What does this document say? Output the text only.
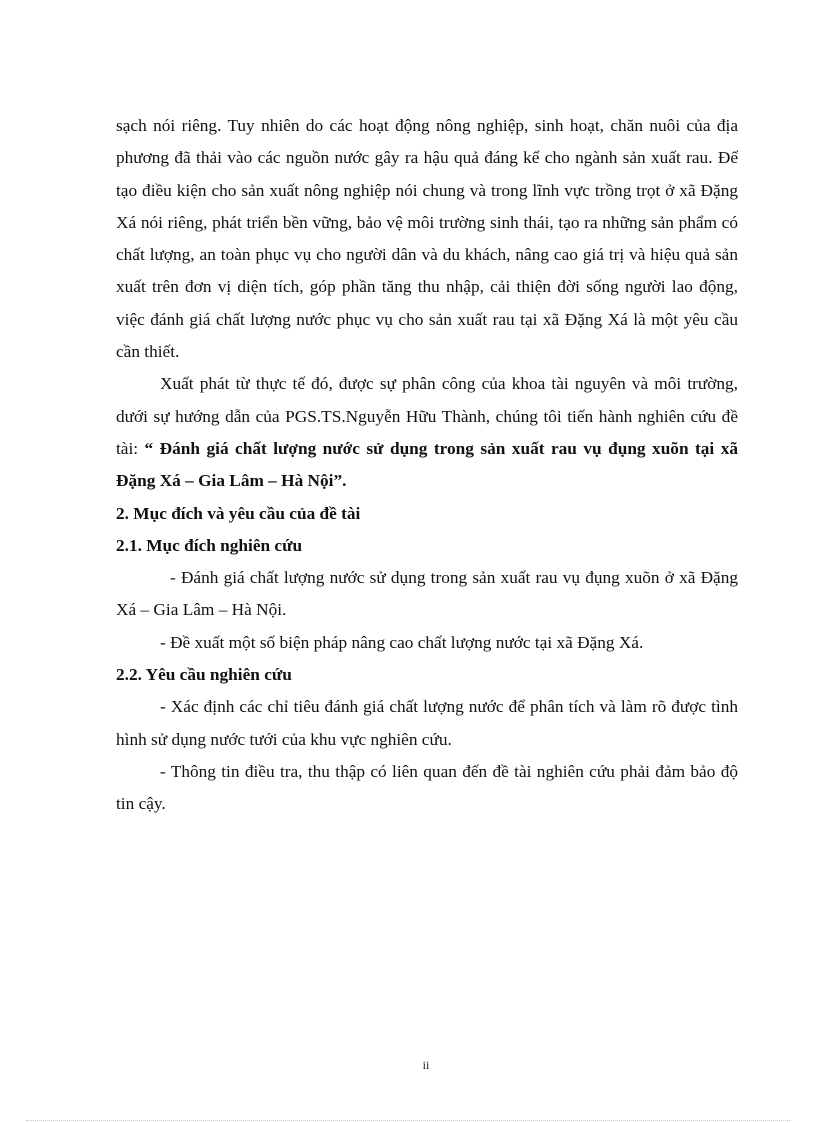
sạch nói riêng. Tuy nhiên do các hoạt động nông nghiệp, sinh hoạt, chăn nuôi của địa phương đã thải vào các nguồn nước gây ra hậu quả đáng kể cho ngành sản xuất rau. Để tạo điều kiện cho sản xuất nông nghiệp nói chung và trong lĩnh vực trồng trọt ở xã Đặng Xá nói riêng, phát triển bền vững, bảo vệ môi trường sinh thái, tạo ra những sản phẩm có chất lượng, an toàn phục vụ cho người dân và du khách, nâng cao giá trị và hiệu quả sản xuất trên đơn vị diện tích, góp phần tăng thu nhập, cải thiện đời sống người lao động, việc đánh giá chất lượng nước phục vụ cho sản xuất rau tại xã Đặng Xá là một yêu cầu cần thiết.

Xuất phát từ thực tế đó, được sự phân công của khoa tài nguyên và môi trường, dưới sự hướng dẫn của PGS.TS.Nguyễn Hữu Thành, chúng tôi tiến hành nghiên cứu đề tài: “ Đánh giá chất lượng nước sử dụng trong sản xuất rau vụ đụng xuõn tại xã Đặng Xá – Gia Lâm – Hà Nội”.

2. Mục đích và yêu cầu của đề tài

2.1. Mục đích nghiên cứu

- Đánh giá chất lượng nước sử dụng trong sản xuất rau vụ đụng xuõn ở xã Đặng Xá – Gia Lâm – Hà Nội.

- Đề xuất một số biện pháp nâng cao chất lượng nước tại xã Đặng Xá.

2.2. Yêu cầu nghiên cứu

- Xác định các chỉ tiêu đánh giá chất lượng nước để phân tích và làm rõ được tình hình sử dụng nước tưới của khu vực nghiên cứu.

- Thông tin điều tra, thu thập có liên quan đến đề tài nghiên cứu phải đảm bảo độ tin cậy.

ii
